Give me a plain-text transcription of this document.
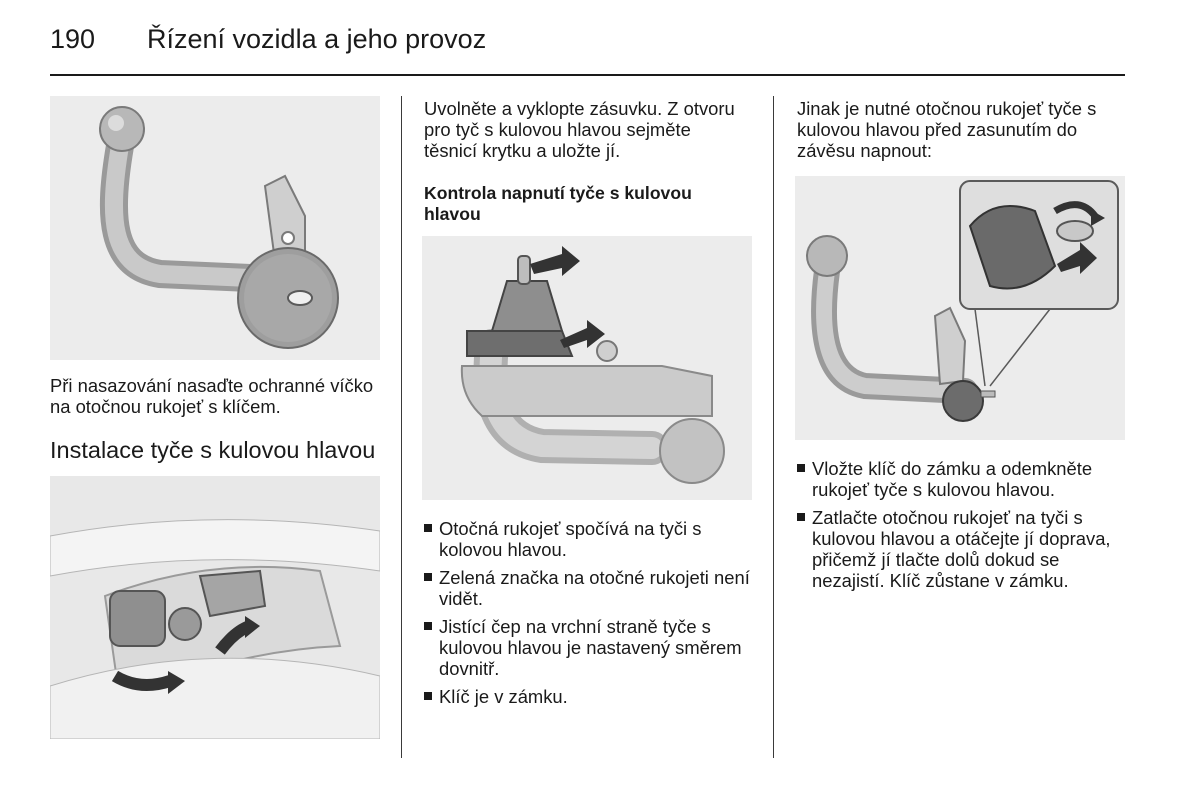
190 Řízení vozidla a jeho provoz
Při nasazování nasaďte ochranné víčko na otočnou rukojeť s klíčem.
Instalace tyče s kulovou hlavou
Uvolněte a vyklopte zásuvku. Z otvoru pro tyč s kulovou hlavou sejměte těsnicí krytku a uložte jí.
Kontrola napnutí tyče s kulovou hlavou
Otočná rukojeť spočívá na tyči s kolovou hlavou.
Zelená značka na otočné rukojeti není vidět.
Jistící čep na vrchní straně tyče s kulovou hlavou je nastavený směrem dovnitř.
Klíč je v zámku.
Jinak je nutné otočnou rukojeť tyče s kulovou hlavou před zasunutím do závěsu napnout:
Vložte klíč do zámku a odemkněte rukojeť tyče s kulovou hlavou.
Zatlačte otočnou rukojeť na tyči s kulovou hlavou a otáčejte jí doprava, přičemž jí tlačte dolů dokud se nezajistí. Klíč zůstane v zámku.
